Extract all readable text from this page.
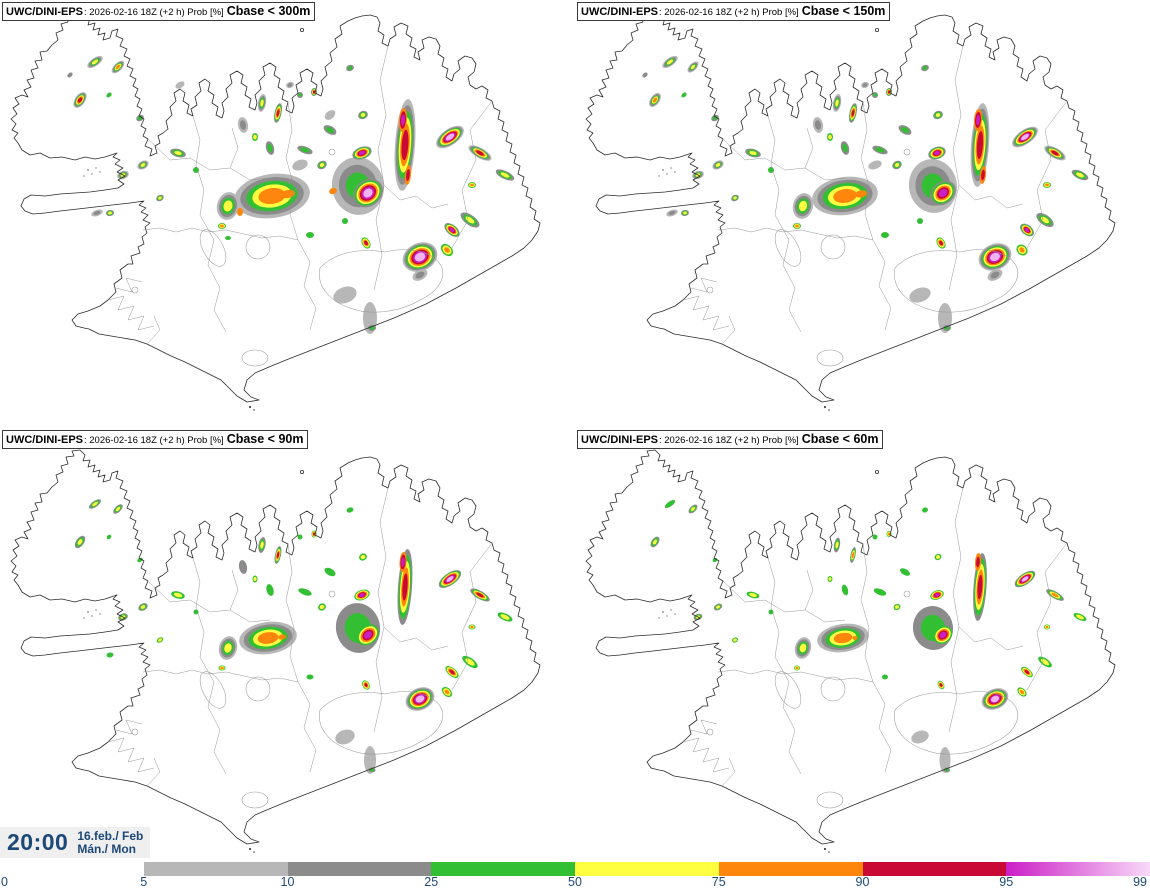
UWC/DINI-EPS : 2026-02-16 18Z (+2 h) Prob [%] Cbase < 300m	UWC/DINI-EPS : 2026-02-16 18Z (+2 h) Prob [%] Cbase < 150m
UWC/DINI-EPS : 2026-02-16 18Z (+2 h) Prob [%] Cbase < 90m	UWC/DINI-EPS : 2026-02-16 18Z (+2 h) Prob [%] Cbase < 60m
20:00 16.feb./ Feb
Mán./ Mon
0	5	10	25	50	75	90	95	99
